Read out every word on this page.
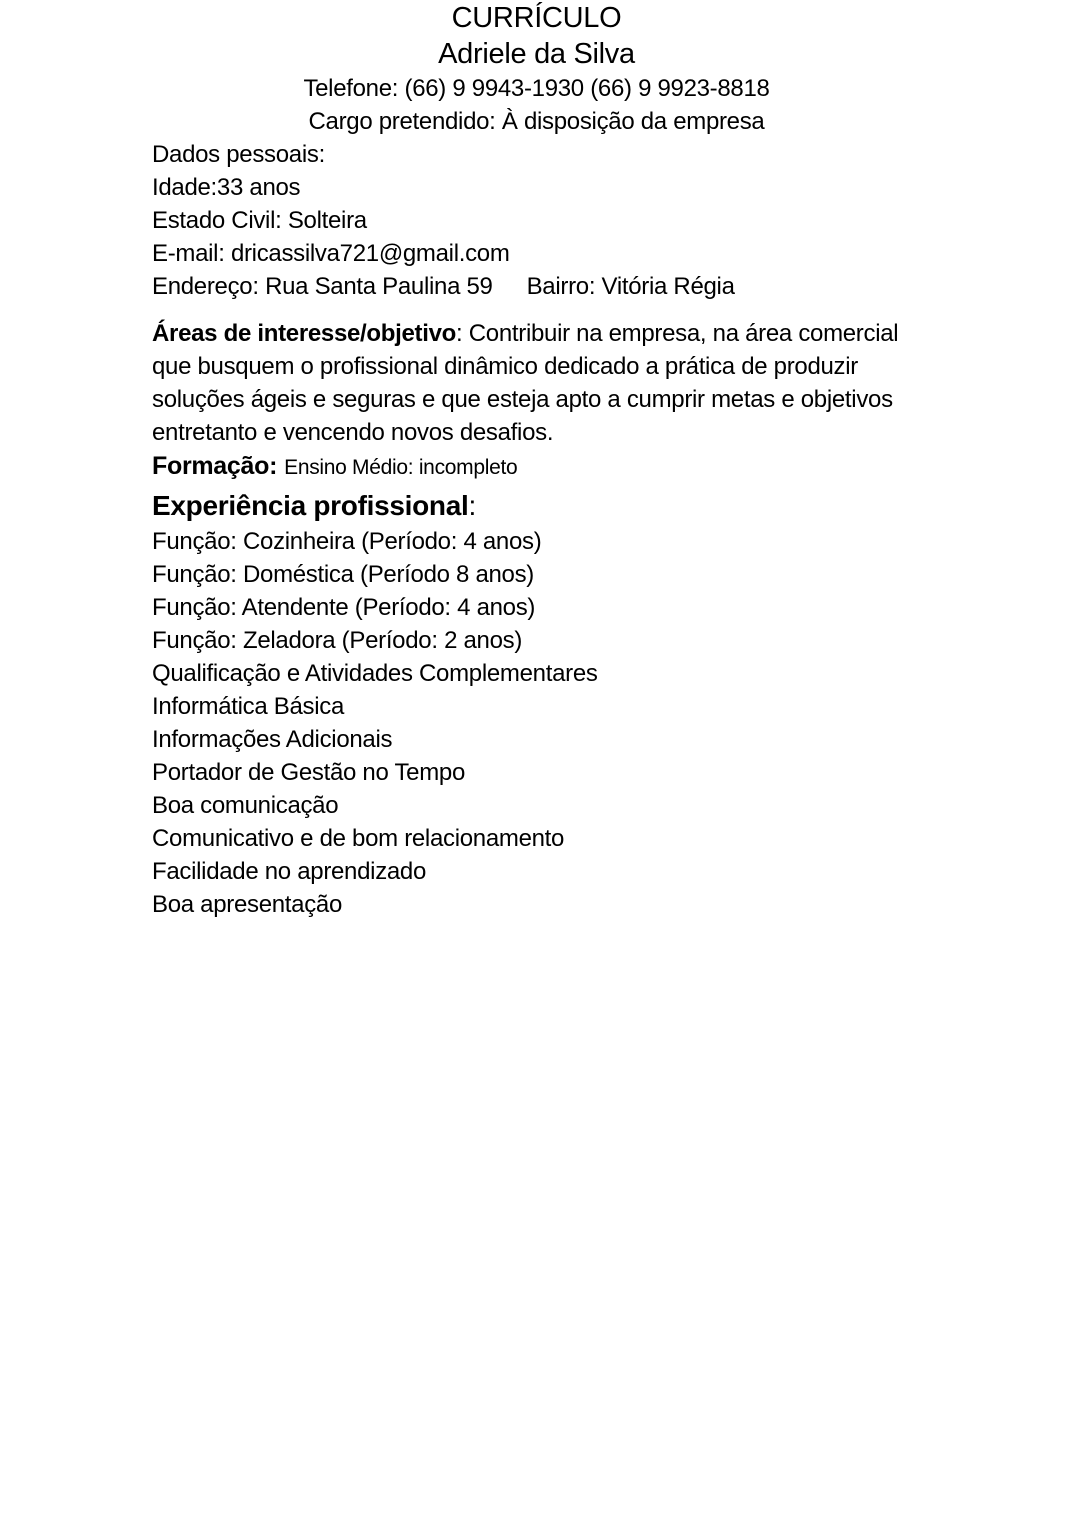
CURRÍCULO

Adriele da Silva

Telefone: (66) 9 9943-1930 (66) 9 9923-8818

Cargo pretendido: À disposição da empresa

Dados pessoais:

Idade:33 anos

Estado Civil: Solteira

E-mail: dricassilva721@gmail.com

Endereço: Rua Santa Paulina 59 Bairro: Vitória Régia

Áreas de interesse/objetivo: Contribuir na empresa, na área comercial
que busquem o profissional dinâmico dedicado a prática de produzir
soluções ágeis e seguras e que esteja apto a cumprir metas e objetivos
entretanto e vencendo novos desafios.

Formação: Ensino Médio: incompleto

Experiência profissional:

Função: Cozinheira (Período: 4 anos)

Função: Doméstica (Período 8 anos)

Função: Atendente (Período: 4 anos)

Função: Zeladora (Período: 2 anos)

Qualificação e Atividades Complementares

Informática Básica

Informações Adicionais

Portador de Gestão no Tempo

Boa comunicação

Comunicativo e de bom relacionamento

Facilidade no aprendizado

Boa apresentação
